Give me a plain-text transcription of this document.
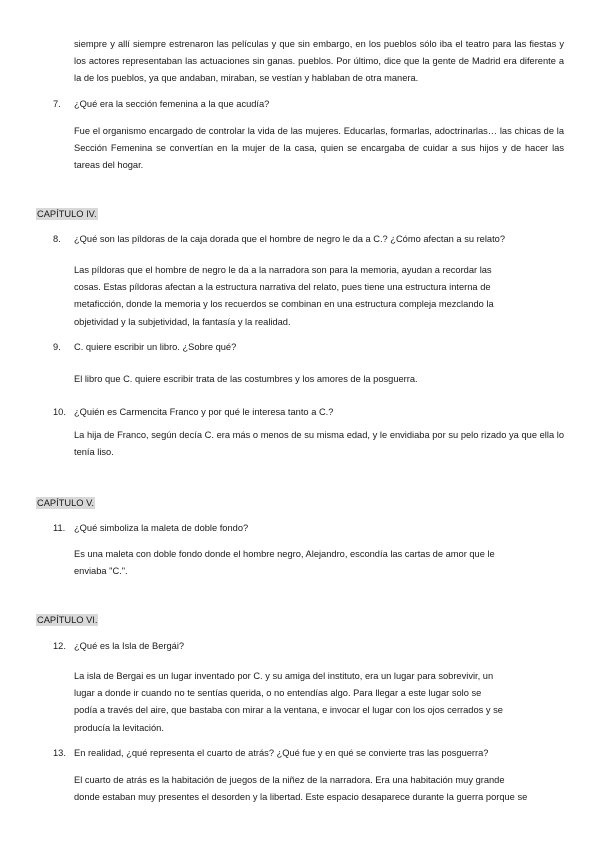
siempre y allí siempre estrenaron las películas y que sin embargo, en los pueblos sólo iba el teatro para las fiestas y los actores representaban las actuaciones sin ganas. pueblos. Por último, dice que la gente de Madrid era diferente a la de los pueblos, ya que andaban, miraban, se vestían y hablaban de otra manera.

7.	¿Qué era la sección femenina a la que acudía?

Fue el organismo encargado de controlar la vida de las mujeres. Educarlas, formarlas, adoctrinarlas… las chicas de la Sección Femenina se convertían en la mujer de la casa, quien se encargaba de cuidar a sus hijos y de hacer las tareas del hogar.

CAPÍTULO IV.

8.	¿Qué son las píldoras de la caja dorada que el hombre de negro le da a C.? ¿Cómo afectan a su relato?
Las píldoras que el hombre de negro le da a la narradora son para la memoria, ayudan a recordar las
cosas. Estas píldoras afectan a la estructura narrativa del relato, pues tiene una estructura interna de
metaficción, donde la memoria y los recuerdos se combinan en una estructura compleja mezclando la
objetividad y la subjetividad, la fantasía y la realidad.
9.	C. quiere escribir un libro. ¿Sobre qué?

El libro que C. quiere escribir trata de las costumbres y los amores de la posguerra.

10. ¿Quién es Carmencita Franco y por qué le interesa tanto a C.?

La hija de Franco, según decía C. era más o menos de su misma edad, y le envidiaba por su pelo rizado ya que ella lo tenía liso.

CAPÍTULO V.

11. ¿Qué simboliza la maleta de doble fondo?
Es una maleta con doble fondo donde el hombre negro, Alejandro, escondía las cartas de amor que le
enviaba "C.".

CAPÍTULO VI.

12. ¿Qué es la Isla de Bergái?
La isla de Bergai es un lugar inventado por C. y su amiga del instituto, era un lugar para sobrevivir, un
lugar a donde ir cuando no te sentías querida, o no entendías algo. Para llegar a este lugar solo se
podía a través del aire, que bastaba con mirar a la ventana, e invocar el lugar con los ojos cerrados y se
producía la levitación.
13. En realidad, ¿qué representa el cuarto de atrás? ¿Qué fue y en qué se convierte tras las posguerra?
El cuarto de atrás es la habitación de juegos de la niñez de la narradora. Era una habitación muy grande
donde estaban muy presentes el desorden y la libertad. Este espacio desaparece durante la guerra porque se
